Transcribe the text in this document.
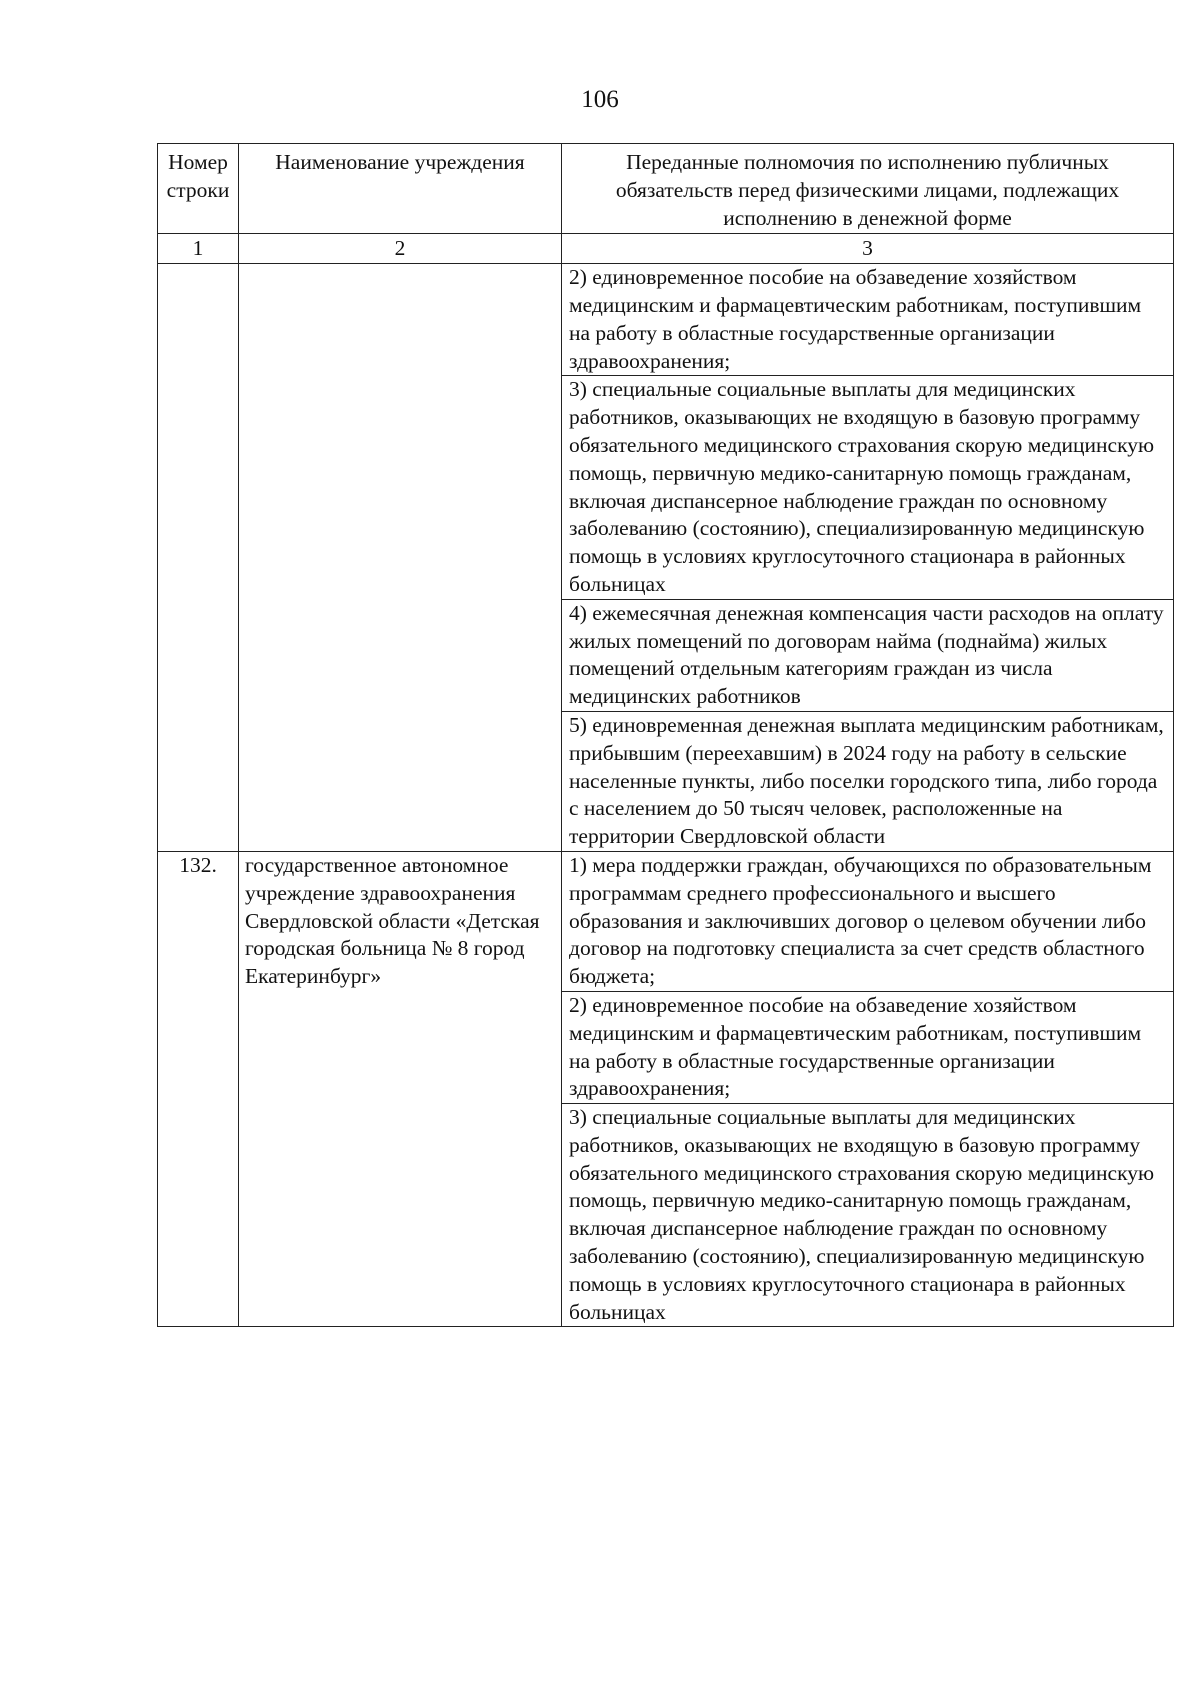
106
Номер строки	Наименование учреждения	Переданные полномочия по исполнению публичных обязательств перед физическими лицами, подлежащих исполнению в денежной форме
1	2	3
		2) единовременное пособие на обзаведение хозяйством медицинским и фармацевтическим работникам, поступившим на работу в областные государственные организации здравоохранения;
		3) специальные социальные выплаты для медицинских работников, оказывающих не входящую в базовую программу обязательного медицинского страхования скорую медицинскую помощь, первичную медико-санитарную помощь гражданам, включая диспансерное наблюдение граждан по основному заболеванию (состоянию), специализированную медицинскую помощь в условиях круглосуточного стационара в районных больницах
		4) ежемесячная денежная компенсация части расходов на оплату жилых помещений по договорам найма (поднайма) жилых помещений отдельным категориям граждан из числа медицинских работников
		5) единовременная денежная выплата медицинским работникам, прибывшим (переехавшим) в 2024 году на работу в сельские населенные пункты, либо поселки городского типа, либо города с населением до 50 тысяч человек, расположенные на территории Свердловской области
132.	государственное автономное учреждение здравоохранения Свердловской области «Детская городская больница № 8 город Екатеринбург»	1) мера поддержки граждан, обучающихся по образовательным программам среднего профессионального и высшего образования и заключивших договор о целевом обучении либо договор на подготовку специалиста за счет средств областного бюджета;
		2) единовременное пособие на обзаведение хозяйством медицинским и фармацевтическим работникам, поступившим на работу в областные государственные организации здравоохранения;
		3) специальные социальные выплаты для медицинских работников, оказывающих не входящую в базовую программу обязательного медицинского страхования скорую медицинскую помощь, первичную медико-санитарную помощь гражданам, включая диспансерное наблюдение граждан по основному заболеванию (состоянию), специализированную медицинскую помощь в условиях круглосуточного стационара в районных больницах
